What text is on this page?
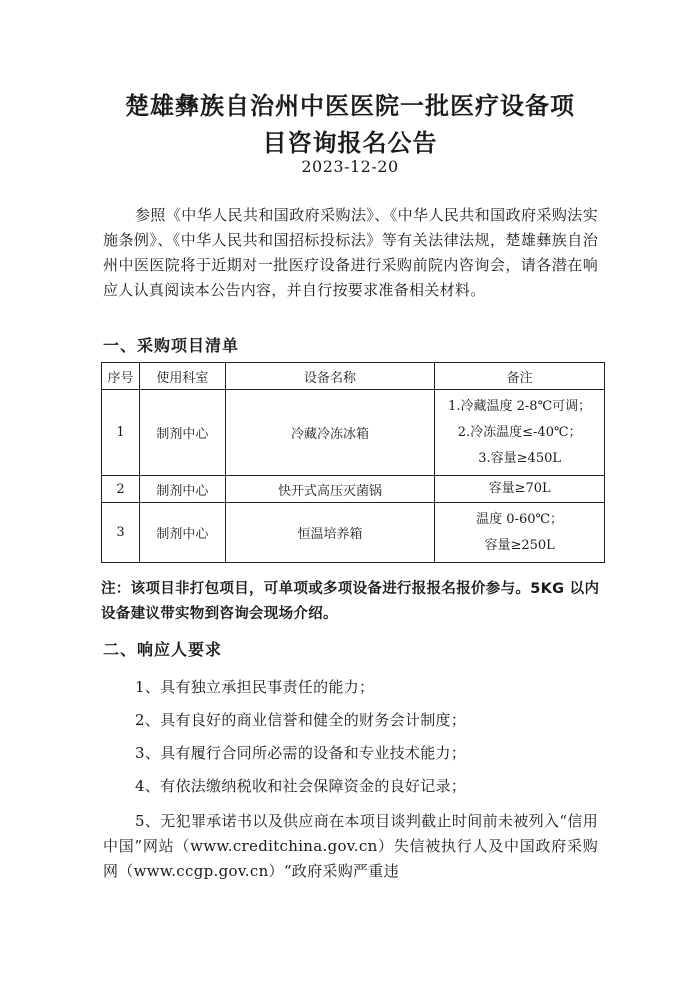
楚雄彝族自治州中医医院一批医疗设备项
目咨询报名公告
2023-12-20
参照《中华人民共和国政府采购法》、《中华人民共和国政府采购法实施条例》、《中华人民共和国招标投标法》等有关法律法规，楚雄彝族自治州中医医院将于近期对一批医疗设备进行采购前院内咨询会，请各潜在响应人认真阅读本公告内容，并自行按要求准备相关材料。
一、采购项目清单
序号	使用科室	设备名称	备注
1	制剂中心	冷藏冷冻冰箱	1.冷藏温度 2-8℃可调；
2.冷冻温度≤-40℃；
3.容量≥450L

2	制剂中心	快开式高压灭菌锅	容量≥70L

3	制剂中心	恒温培养箱	温度 0-60℃；
容量≥250L
注：该项目非打包项目，可单项或多项设备进行报报名报价参与。5KG 以内设备建议带实物到咨询会现场介绍。
二、响应人要求
1、具有独立承担民事责任的能力；
2、具有良好的商业信誉和健全的财务会计制度；
3、具有履行合同所必需的设备和专业技术能力；
4、有依法缴纳税收和社会保障资金的良好记录；
5、无犯罪承诺书以及供应商在本项目谈判截止时间前未被列入“信用中国”网站（www.creditchina.gov.cn）失信被执行人及中国政府采购网（www.ccgp.gov.cn）“政府采购严重违
